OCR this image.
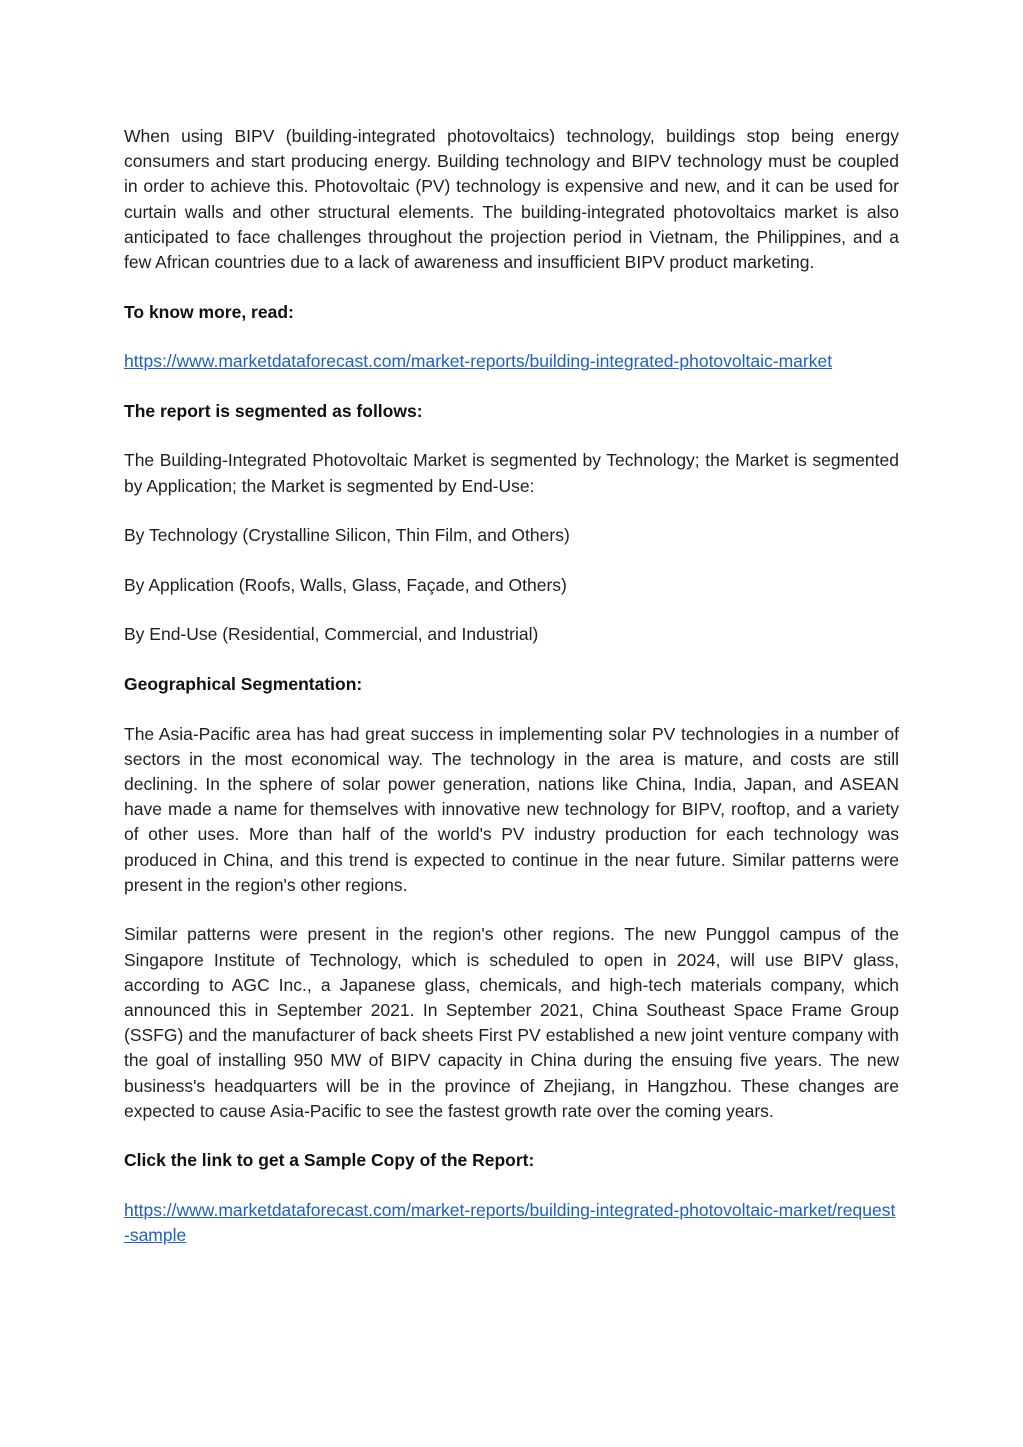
When using BIPV (building-integrated photovoltaics) technology, buildings stop being energy consumers and start producing energy. Building technology and BIPV technology must be coupled in order to achieve this. Photovoltaic (PV) technology is expensive and new, and it can be used for curtain walls and other structural elements. The building-integrated photovoltaics market is also anticipated to face challenges throughout the projection period in Vietnam, the Philippines, and a few African countries due to a lack of awareness and insufficient BIPV product marketing.

To know more, read:

https://www.marketdataforecast.com/market-reports/building-integrated-photovoltaic-market

The report is segmented as follows:

The Building-Integrated Photovoltaic Market is segmented by Technology; the Market is segmented by Application; the Market is segmented by End-Use:

By Technology (Crystalline Silicon, Thin Film, and Others)

By Application (Roofs, Walls, Glass, Façade, and Others)

By End-Use (Residential, Commercial, and Industrial)

Geographical Segmentation:

The Asia-Pacific area has had great success in implementing solar PV technologies in a number of sectors in the most economical way. The technology in the area is mature, and costs are still declining. In the sphere of solar power generation, nations like China, India, Japan, and ASEAN have made a name for themselves with innovative new technology for BIPV, rooftop, and a variety of other uses. More than half of the world's PV industry production for each technology was produced in China, and this trend is expected to continue in the near future. Similar patterns were present in the region's other regions.

Similar patterns were present in the region's other regions. The new Punggol campus of the Singapore Institute of Technology, which is scheduled to open in 2024, will use BIPV glass, according to AGC Inc., a Japanese glass, chemicals, and high-tech materials company, which announced this in September 2021. In September 2021, China Southeast Space Frame Group (SSFG) and the manufacturer of back sheets First PV established a new joint venture company with the goal of installing 950 MW of BIPV capacity in China during the ensuing five years. The new business's headquarters will be in the province of Zhejiang, in Hangzhou. These changes are expected to cause Asia-Pacific to see the fastest growth rate over the coming years.

Click the link to get a Sample Copy of the Report:

https://www.marketdataforecast.com/market-reports/building-integrated-photovoltaic-market/request-sample
